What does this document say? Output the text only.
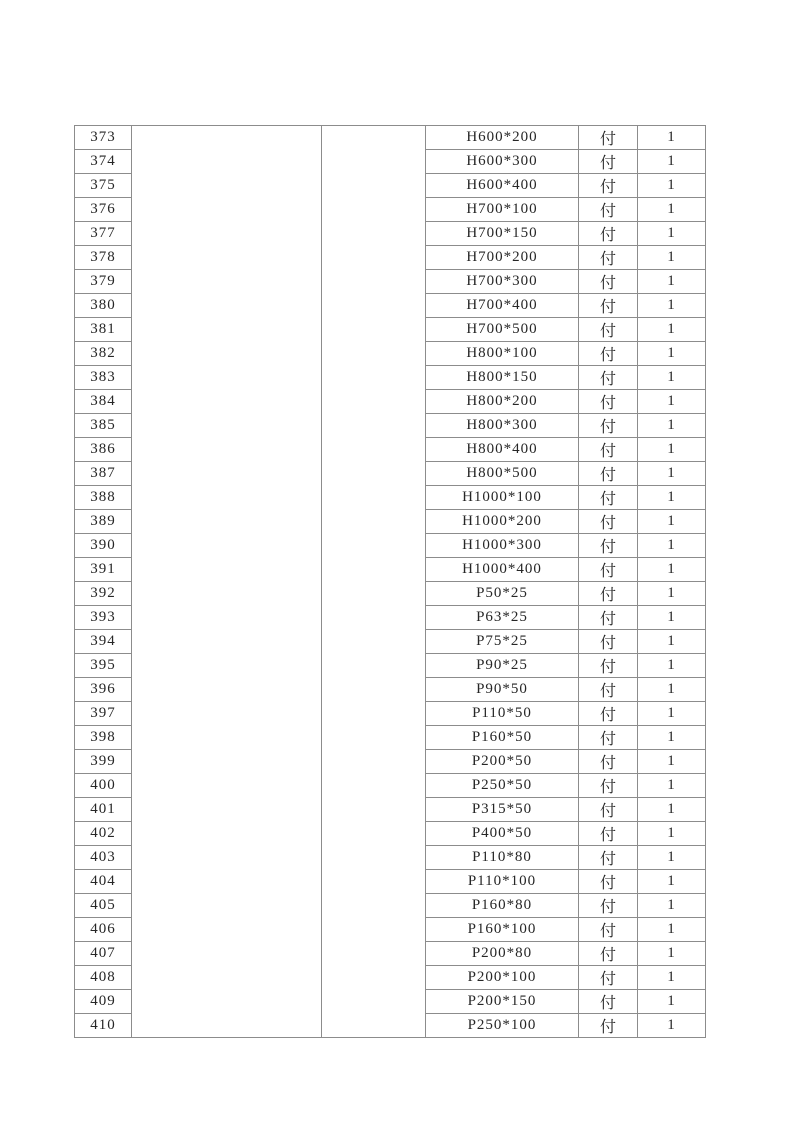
373			H600*200	付	1
374			H600*300	付	1
375			H600*400	付	1
376			H700*100	付	1
377			H700*150	付	1
378			H700*200	付	1
379			H700*300	付	1
380			H700*400	付	1
381			H700*500	付	1
382			H800*100	付	1
383			H800*150	付	1
384			H800*200	付	1
385			H800*300	付	1
386			H800*400	付	1
387			H800*500	付	1
388			H1000*100	付	1
389			H1000*200	付	1
390			H1000*300	付	1
391			H1000*400	付	1
392			P50*25	付	1
393			P63*25	付	1
394			P75*25	付	1
395			P90*25	付	1
396			P90*50	付	1
397			P110*50	付	1
398			P160*50	付	1
399			P200*50	付	1
400			P250*50	付	1
401			P315*50	付	1
402			P400*50	付	1
403			P110*80	付	1
404			P110*100	付	1
405			P160*80	付	1
406			P160*100	付	1
407			P200*80	付	1
408			P200*100	付	1
409			P200*150	付	1
410			P250*100	付	1
